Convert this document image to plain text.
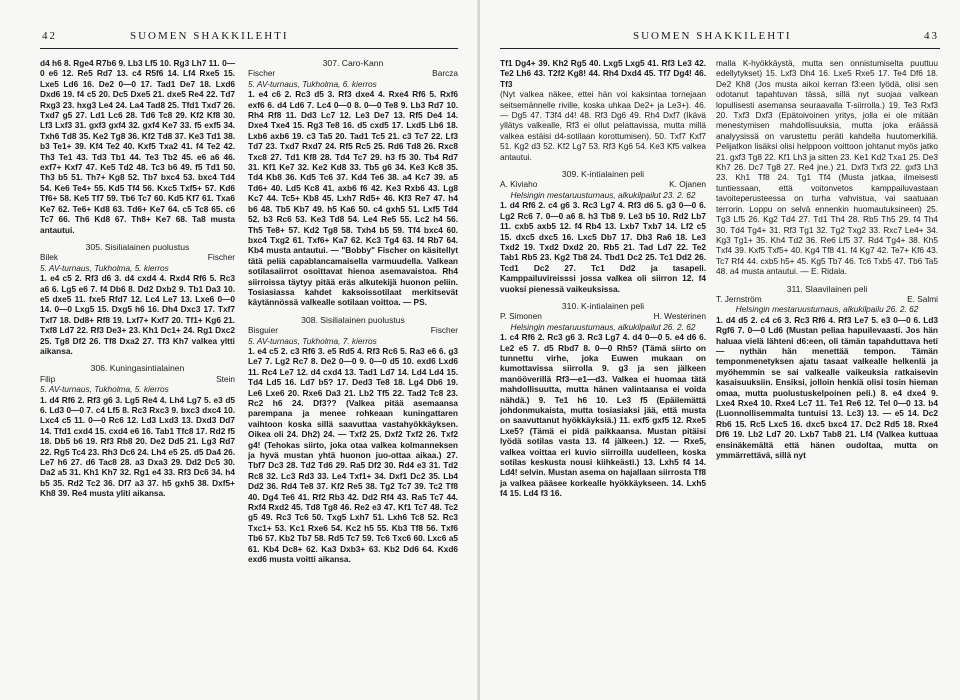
42	SUOMEN SHAKKILEHTI

d4 h6 8. Rge4 R7b6 9. Lb3 Lf5 10. Rg3 Lh7 11. 0—0 e6 12. Re5 Rd7 13. c4 R5f6 14. Lf4 Rxe5 15. Lxe5 Ld6 16. De2 0—0 17. Tad1 De7 18. Lxd6 Dxd6 19. f4 c5 20. Dc5 Dxe5 21. dxe5 Re4 22. Td7 Rxg3 23. hxg3 Le4 24. La4 Tad8 25. Tfd1 Txd7 26. Txd7 g5 27. Ld1 Lc6 28. Td6 Tc8 29. Kf2 Kf8 30. Lf3 Lxf3 31. gxf3 gxf4 32. gxf4 Ke7 33. f5 exf5 34. Txh6 Td8 35. Ke2 Tg8 36. Kf2 Td8 37. Ke3 Td1 38. b3 Te1+ 39. Kf4 Te2 40. Kxf5 Txa2 41. f4 Te2 42. Th3 Te1 43. Td3 Tb1 44. Te3 Tb2 45. e6 a6 46. exf7+ Kxf7 47. Ke5 Td2 48. Tc3 b6 49. f5 Td1 50. Th3 b5 51. Th7+ Kg8 52. Tb7 bxc4 53. bxc4 Td4 54. Ke6 Te4+ 55. Kd5 Tf4 56. Kxc5 Txf5+ 57. Kd6 Tf6+ 58. Ke5 Tf7 59. Tb6 Tc7 60. Kd5 Kf7 61. Txa6 Ke7 62. Te6+ Kd8 63. Td6+ Ke7 64. c5 Tc8 65. c6 Tc7 66. Th6 Kd8 67. Th8+ Ke7 68. Ta8 musta antautui.

305. Sisilialainen puolustus

Bilek	Fischer

5. AV-turnaus, Tukholma, 5. kierros

1. e4 c5 2. Rf3 d6 3. d4 cxd4 4. Rxd4 Rf6 5. Rc3 a6 6. Lg5 e6 7. f4 Db6 8. Dd2 Dxb2 9. Tb1 Da3 10. e5 dxe5 11. fxe5 Rfd7 12. Lc4 Le7 13. Lxe6 0—0 14. 0—0 Lxg5 15. Dxg5 h6 16. Dh4 Dxc3 17. Txf7 Txf7 18. Dd8+ Rf8 19. Lxf7+ Kxf7 20. Tf1+ Kg6 21. Txf8 Ld7 22. Rf3 De3+ 23. Kh1 Dc1+ 24. Rg1 Dxc2 25. Tg8 Df2 26. Tf8 Dxa2 27. Tf3 Kh7 valkea yltti aikansa.

306. Kuningasintialainen

Filip	Stein

5. AV-turnaus, Tukholma, 5. kierros

1. d4 Rf6 2. Rf3 g6 3. Lg5 Re4 4. Lh4 Lg7 5. e3 d5 6. Ld3 0—0 7. c4 Lf5 8. Rc3 Rxc3 9. bxc3 dxc4 10. Lxc4 c5 11. 0—0 Rc6 12. Ld3 Lxd3 13. Dxd3 Dd7 14. Tfd1 cxd4 15. cxd4 e6 16. Tab1 Tfc8 17. Rd2 f5 18. Db5 b6 19. Rf3 Rb8 20. De2 Dd5 21. Lg3 Rd7 22. Rg5 Tc4 23. Rh3 Dc6 24. Lh4 e5 25. d5 Da4 26. Le7 h6 27. d6 Tac8 28. a3 Dxa3 29. Dd2 Dc5 30. Da2 a5 31. Kh1 Kh7 32. Rg1 e4 33. Rf3 Dc6 34. h4 b5 35. Rd2 Tc2 36. Df7 a3 37. h5 gxh5 38. Dxf5+ Kh8 39. Re4 musta yliti aikansa.

307. Caro-Kann

Fischer	Barcza

5. AV-turnaus, Tukholma, 6. kierros

1. e4 c6 2. Rc3 d5 3. Rf3 dxe4 4. Rxe4 Rf6 5. Rxf6 exf6 6. d4 Ld6 7. Lc4 0—0 8. 0—0 Te8 9. Lb3 Rd7 10. Rh4 Rf8 11. Dd3 Lc7 12. Le3 De7 13. Rf5 De4 14. Dxe4 Txe4 15. Rg3 Te8 16. d5 cxd5 17. Lxd5 Lb6 18. Lxb6 axb6 19. c3 Ta5 20. Tad1 Tc5 21. c3 Tc7 22. Lf3 Td7 23. Txd7 Rxd7 24. Rf5 Rc5 25. Rd6 Td8 26. Rxc8 Txc8 27. Td1 Kf8 28. Td4 Tc7 29. h3 f5 30. Tb4 Rd7 31. Kf1 Ke7 32. Ke2 Kd8 33. Tb5 g6 34. Ke3 Kc8 35. Td4 Kb8 36. Kd5 Tc6 37. Kd4 Te6 38. a4 Kc7 39. a5 Td6+ 40. Ld5 Kc8 41. axb6 f6 42. Ke3 Rxb6 43. Lg8 Kc7 44. Tc5+ Kb8 45. Lxh7 Rd5+ 46. Kf3 Re7 47. h4 b6 48. Tb5 Kb7 49. h5 Ka6 50. c4 gxh5 51. Lxf5 Td4 52. b3 Rc6 53. Ke3 Td8 54. Le4 Re5 55. Lc2 h4 56. Th5 Te8+ 57. Kd2 Tg8 58. Txh4 b5 59. Tf4 bxc4 60. bxc4 Txg2 61. Txf6+ Ka7 62. Kc3 Tg4 63. f4 Rb7 64. Kb4 musta antautui. — "Bobby" Fischer on käsitellyt tätä peliä capablancamaisella varmuudella. Valkean sotilasaiirrot osoittavat hienoa asemavaistoa. Rh4 siirroissa täytyy pitää eräs alkutekijä huonon peliin. Tosiasiassa kahdet kaksoissotilaat merkitsevät käytännössä valkealle sotilaan voittoa. — PS.

308. Sisilialainen puolustus

Bisguier	Fischer

5. AV-turnaus, Tukholma, 7. kierros

1. e4 c5 2. c3 Rf6 3. e5 Rd5 4. Rf3 Rc6 5. Ra3 e6 6. g3 Le7 7. Lg2 Rc7 8. De2 0—0 9. 0—0 d5 10. exd6 Lxd6 11. Rc4 Le7 12. d4 cxd4 13. Tad1 Ld7 14. Ld4 Ld4 15. Td4 Ld5 16. Ld7 b5? 17. Ded3 Te8 18. Lg4 Db6 19. Le6 Lxe6 20. Rxe6 Da3 21. Lb2 Tf5 22. Tad2 Tc8 23. Rc2 h6 24. Df3?? (Valkea pitää asemaansa parempana ja menee rohkeaan kuningattaren vaihtoon koska sillä saavuttaa vastahyökkäyksen. Oikea oli 24. Dh2) 24. — Txf2 25. Dxf2 Txf2 26. Txf2 g4! (Tehokas siirto, joka otaa valkea kolmanneksen ja hyvä mustan yhtä huonon juo-ottaa aikaa.) 27. Tbf7 Dc3 28. Td2 Td6 29. Ra5 Df2 30. Rd4 e3 31. Td2 Rc8 32. Lc3 Rd3 33. Le4 Txf1+ 34. Dxf1 Dc2 35. Lb4 Dd2 36. Rd4 Te8 37. Kf2 Re5 38. Tg2 Tc7 39. Tc2 Tf8 40. Dg4 Te6 41. Rf2 Rb3 42. Dd2 Rf4 43. Ra5 Tc7 44. Rxf4 Rxd2 45. Td8 Tg8 46. Re2 e3 47. Kf1 Tc7 48. Tc2 g5 49. Rc3 Tc6 50. Txg5 Lxh7 51. Lxh6 Tc8 52. Rc3 Txc1+ 53. Kc1 Rxe6 54. Kc2 h5 55. Kb3 Tf8 56. Txf6 Tb6 57. Kb2 Tb7 58. Rd5 Tc7 59. Tc6 Txc6 60. Lxc6 a5 61. Kb4 Dc8+ 62. Ka3 Dxb3+ 63. Kb2 Dd6 64. Kxd6 exd6 musta voitti aikansa.

SUOMEN SHAKKILEHTI	43

Tf1 Dg4+ 39. Kh2 Rg5 40. Lxg5 Lxg5 41. Rf3 Le3 42. Te2 Lh6 43. T2f2 Kg8! 44. Rh4 Dxd4 45. Tf7 Dg4! 46. Tf3

(Nyt valkea näkee, ettei hän voi kaksintaa tornejaan seitsemännelle riville, koska uhkaa De2+ ja Le3+). 46. — Dg5 47. T3f4 d4! 48. Rf3 Dg6 49. Rh4 Dxf7 (Ikävä yllätys valkealle, Rf3 ei ollut pelattavissa, mutta millä valkea estäisi d4-sotilaan korottumisen). 50. Txf7 Kxf7 51. Kg2 d3 52. Kf2 Lg7 53. Rf3 Kg6 54. Ke3 Kf5 valkea antautui.

309. K-intialainen peli

A. Kiviaho	K. Ojanen

Helsingin mestaruusturnaus, alkukilpailut 23. 2. 62

1. d4 Rf6 2. c4 g6 3. Rc3 Lg7 4. Rf3 d6 5. g3 0—0 6. Lg2 Rc6 7. 0—0 a6 8. h3 Tb8 9. Le3 b5 10. Rd2 Lb7 11. cxb5 axb5 12. f4 Rb4 13. Lxb7 Txb7 14. Lf2 c5 15. dxc5 dxc5 16. Lxc5 Db7 17. Db3 Ra6 18. Le3 Txd2 19. Txd2 Dxd2 20. Rb5 21. Tad Ld7 22. Te2 Tab1 Rb5 23. Kg2 Tb8 24. Tbd1 Dc2 25. Tc1 Dd2 26. Tcd1 Dc2 27. Tc1 Dd2 ja tasapeli. Kamppailuvireisssi jossa valkea oli siirron 12. f4 vuoksi pienessä vaikeuksissa.

310. K-intialainen peli

P. Simonen	H. Westerinen

Helsingin mestaruusturnaus, alkukilpailut 26. 2. 62

1. c4 Rf6 2. Rc3 g6 3. Rc3 Lg7 4. d4 0—0 5. e4 d6 6. Le2 e5 7. d5 Rbd7 8. 0—0 Rh5? (Tämä siirto on tunnettu virhe, joka Euwen mukaan on kumottavissa siirrolla 9. g3 ja sen jälkeen manööverillä Rf3—e1—d3. Valkea ei huomaa tätä mahdollisuutta, mutta hänen valintaansa ei voida nähdä.) 9. Te1 h6 10. Le3 f5 (Epäilemättä johdonmukaista, mutta tosiasiaksi jää, että musta on saavuttanut hyökkäyksiä.) 11. exf5 gxf5 12. Rxe5 Lxe5? (Tämä ei pidä paikkaansa. Mustan pitäisi lyödä sotilas vasta 13. f4 jälkeen.) 12. — Rxe5, valkea voittaa eri kuvio siirroilla uudelleen, koska sotilas keskusta nousi kiihkeästi.) 13. Lxh5 f4 14. Ld4! selvin. Mustan asema on hajallaan siirrosta Tf8 ja valkea pääsee korkealle hyökkäykseen. 14. Lxh5 f4 15. Ld4 f3 16.

malla K-hyökkäystä, mutta sen onnistumiselta puuttuu edellytykset) 15. Lxf3 Dh4 16. Lxe5 Rxe5 17. Te4 Df6 18. De2 Kh8 (Jos musta aikoi kerran f3:een lyödä, olisi sen odotanut tapahtuvan tässä, sillä nyt suojaa valkean lopullisesti asemansa seuraavalla T-siirrolla.) 19. Te3 Rxf3 20. Txf3 Dxf3 (Epätoivoinen yritys, jolla ei ole mitään menestymisen mahdollisuuksia, mutta joka eräässä analyysissä on varustettu peräti kahdella huutomerkillä. Pelijatkon lisäksi olisi helppoon voittoon johtanut myös jatko 21. gxf3 Tg8 22. Kf1 Lh3 ja sitten 23. Ke1 Kd2 Txa1 25. De3 Kh7 26. Dc7 Tg8 27. Re4 jne.) 21. Dxf3 Txf3 22. gxf3 Lh3 23. Kh1 Tf8 24. Tg1 Tf4 (Musta jatkaa, ilmeisesti tuntiessaan, että voitonvetos kamppailuvastaan tavoiteperusteessa on turha vahvistua, vai saatuaan terrorin. Loppu on selvä ennenkin huomautuksineen) 25. Tg3 Lf5 26. Kg2 Td4 27. Td1 Th4 28. Rb5 Th5 29. f4 Th4 30. Td4 Tg4+ 31. Rf3 Tg1 32. Tg2 Txg2 33. Rxc7 Le4+ 34. Kg3 Tg1+ 35. Kh4 Td2 36. Re6 Lf5 37. Rd4 Tg4+ 38. Kh5 Txf4 39. Kxf5 Txf5+ 40. Kg4 Tf8 41. f4 Kg7 42. Te7+ Kf6 43. Tc7 Rf4 44. cxb5 h5+ 45. Kg5 Tb7 46. Tc6 Txb5 47. Tb6 Ta5 48. a4 musta antautui. — E. Ridala.

311. Slaavilainen peli

T. Jernström	E. Salmi

Helsingin mestaruusturnaus, alkukilpailu 26. 2. 62

1. d4 d5 2. c4 c6 3. Rc3 Rf6 4. Rf3 Le7 5. e3 0—0 6. Ld3 Rgf6 7. 0—0 Ld6 (Mustan peliaa hapuilevaasti. Jos hän haluaa vielä lähteni d6:een, oli tämän tapahduttava heti — nythän hän menettää tempon. Tämän temponmenetyksen ajatu tasaat valkealle helkenlä ja myöhemmin se sai valkealle vaikeuksia ratkaisevin kasaisuuksiin. Ensiksi, jolloin henkiä olisi tosin hieman omaa, mutta puolustuskelpoinen peli.) 8. e4 dxe4 9. Lxe4 Rxe4 10. Rxe4 Lc7 11. Te1 Re6 12. Tel 0—0 13. b4 (Luonnollisemmalta tuntuisi 13. Lc3) 13. — e5 14. Dc2 Rb6 15. Rc5 Lxc5 16. dxc5 bxc4 17. Dc2 Rd5 18. Rxe4 Df6 19. Lb2 Ld7 20. Lxb7 Tab8 21. Lf4 (Valkea kuttuaa ensinäkemältä että hänen oudoltaa, mutta on ymmärrettävä, sillä nyt
